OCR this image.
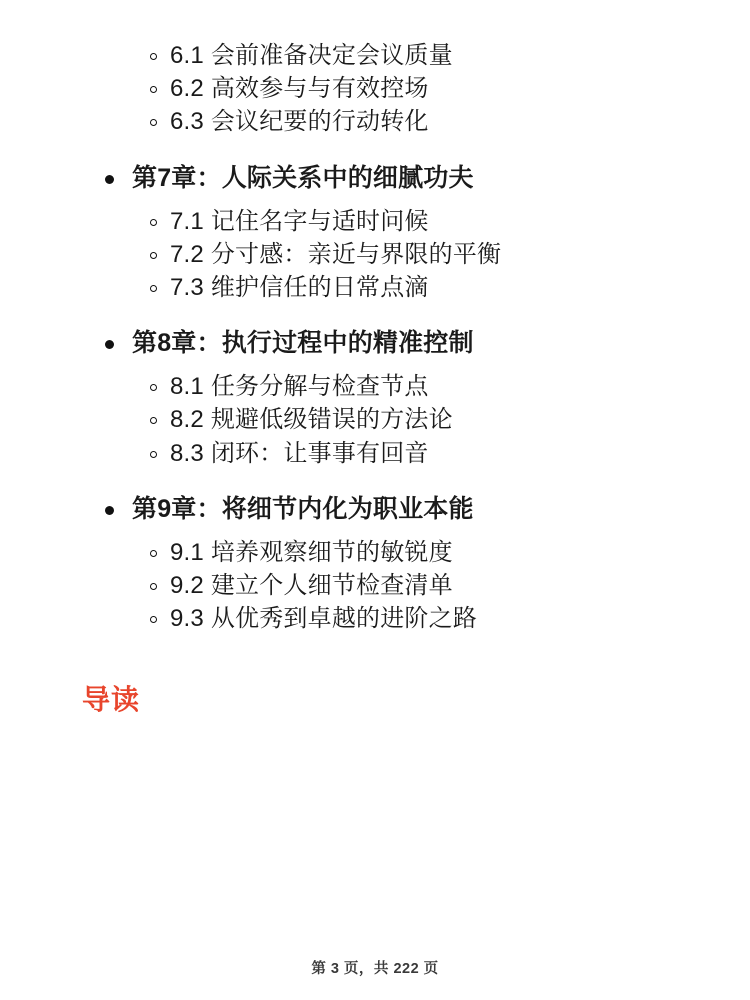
6.1 会前准备决定会议质量
6.2 高效参与与有效控场
6.3 会议纪要的行动转化
第7章：人际关系中的细腻功夫
7.1 记住名字与适时问候
7.2 分寸感：亲近与界限的平衡
7.3 维护信任的日常点滴
第8章：执行过程中的精准控制
8.1 任务分解与检查节点
8.2 规避低级错误的方法论
8.3 闭环：让事事有回音
第9章：将细节内化为职业本能
9.1 培养观察细节的敏锐度
9.2 建立个人细节检查清单
9.3 从优秀到卓越的进阶之路
导读
第 3 页，共 222 页
